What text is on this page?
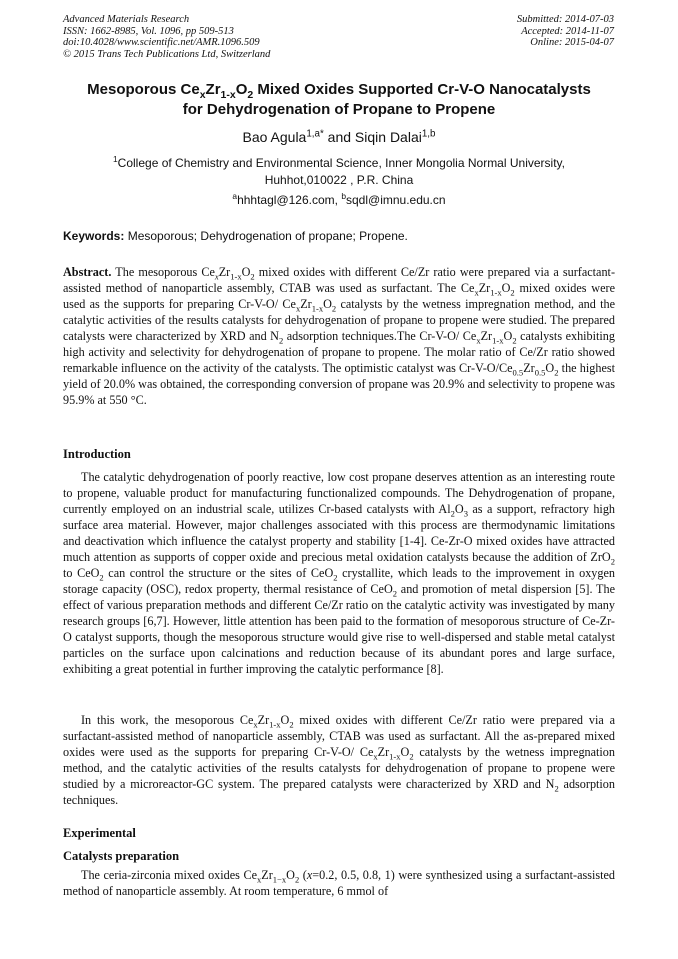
Advanced Materials Research
ISSN: 1662-8985, Vol. 1096, pp 509-513
doi:10.4028/www.scientific.net/AMR.1096.509
© 2015 Trans Tech Publications Ltd, Switzerland
Submitted: 2014-07-03
Accepted: 2014-11-07
Online: 2015-04-07
Mesoporous $Ce_xZr_{1-x}O_2$ Mixed Oxides Supported Cr-V-O Nanocatalysts
for Dehydrogenation of Propane to Propene
Bao Agula$^{1,a*}$ and Siqin Dalai$^{1,b}$
$^1$College of Chemistry and Environmental Science, Inner Mongolia Normal University,
Huhhot,010022 , P.R. China
$^a$hhhtagl@126.com, $^b$sqdl@imnu.edu.cn
Keywords: Mesoporous; Dehydrogenation of propane; Propene.

Abstract. The mesoporous $Ce_xZr_{1-x}O_2$ mixed oxides with different Ce/Zr ratio were prepared via a surfactant-assisted method of nanoparticle assembly, CTAB was used as surfactant. The $Ce_xZr_{1-x}O_2$ mixed oxides were used as the supports for preparing Cr-V-O/ $Ce_xZr_{1-x}O_2$ catalysts by the wetness impregnation method, and the catalytic activities of the results catalysts for dehydrogenation of propane to propene were studied. The prepared catalysts were characterized by XRD and $N_2$ adsorption techniques.The Cr-V-O/ $Ce_xZr_{1-x}O_2$ catalysts exhibiting high activity and selectivity for dehydrogenation of propane to propene. The molar ratio of Ce/Zr ratio showed remarkable influence on the activity of the catalysts. The optimistic catalyst was $Cr-V-O/Ce_{0.5}Zr_{0.5}O_2$ the highest yield of 20.0% was obtained, the corresponding conversion of propane was 20.9% and selectivity to propene was 95.9% at 550 °C.

Introduction

The catalytic dehydrogenation of poorly reactive, low cost propane deserves attention as an interesting route to propene, valuable product for manufacturing functionalized compounds. The Dehydrogenation of propane, currently employed on an industrial scale, utilizes Cr-based catalysts with $Al_2O_3$ as a support, refractory high surface area material. However, major challenges associated with this process are thermodynamic limitations and deactivation which influence the catalyst property and stability [1-4]. Ce-Zr-O mixed oxides have attracted much attention as supports of copper oxide and precious metal oxidation catalysts because the addition of ZrO$_2$ to CeO$_2$ can control the structure or the sites of CeO$_2$ crystallite, which leads to the improvement in oxygen storage capacity (OSC), redox property, thermal resistance of CeO$_2$ and promotion of metal dispersion [5]. The effect of various preparation methods and different Ce/Zr ratio on the catalytic activity was investigated by many research groups [6,7]. However, little attention has been paid to the formation of mesoporous structure of Ce-Zr-O catalyst supports, though the mesoporous structure would give rise to well-dispersed and stable metal catalyst particles on the surface upon calcinations and reduction because of its abundant pores and large surface, exhibiting a great potential in further improving the catalytic performance [8].

In this work, the mesoporous $Ce_xZr_{1-x}O_2$ mixed oxides with different Ce/Zr ratio were prepared via a surfactant-assisted method of nanoparticle assembly, CTAB was used as surfactant. All the as-prepared mixed oxides were used as the supports for preparing Cr-V-O/ $Ce_xZr_{1-x}O_2$ catalysts by the wetness impregnation method, and the catalytic activities of the results catalysts for dehydrogenation of propane to propene were studied by a microreactor-GC system. The prepared catalysts were characterized by XRD and $N_2$ adsorption techniques.

Experimental
Catalysts preparation

The ceria-zirconia mixed oxides $Ce_xZr_{1-x}O_2$ (x=0.2, 0.5, 0.8, 1) were synthesized using a surfactant-assisted method of nanoparticle assembly. At room temperature, 6 mmol of
